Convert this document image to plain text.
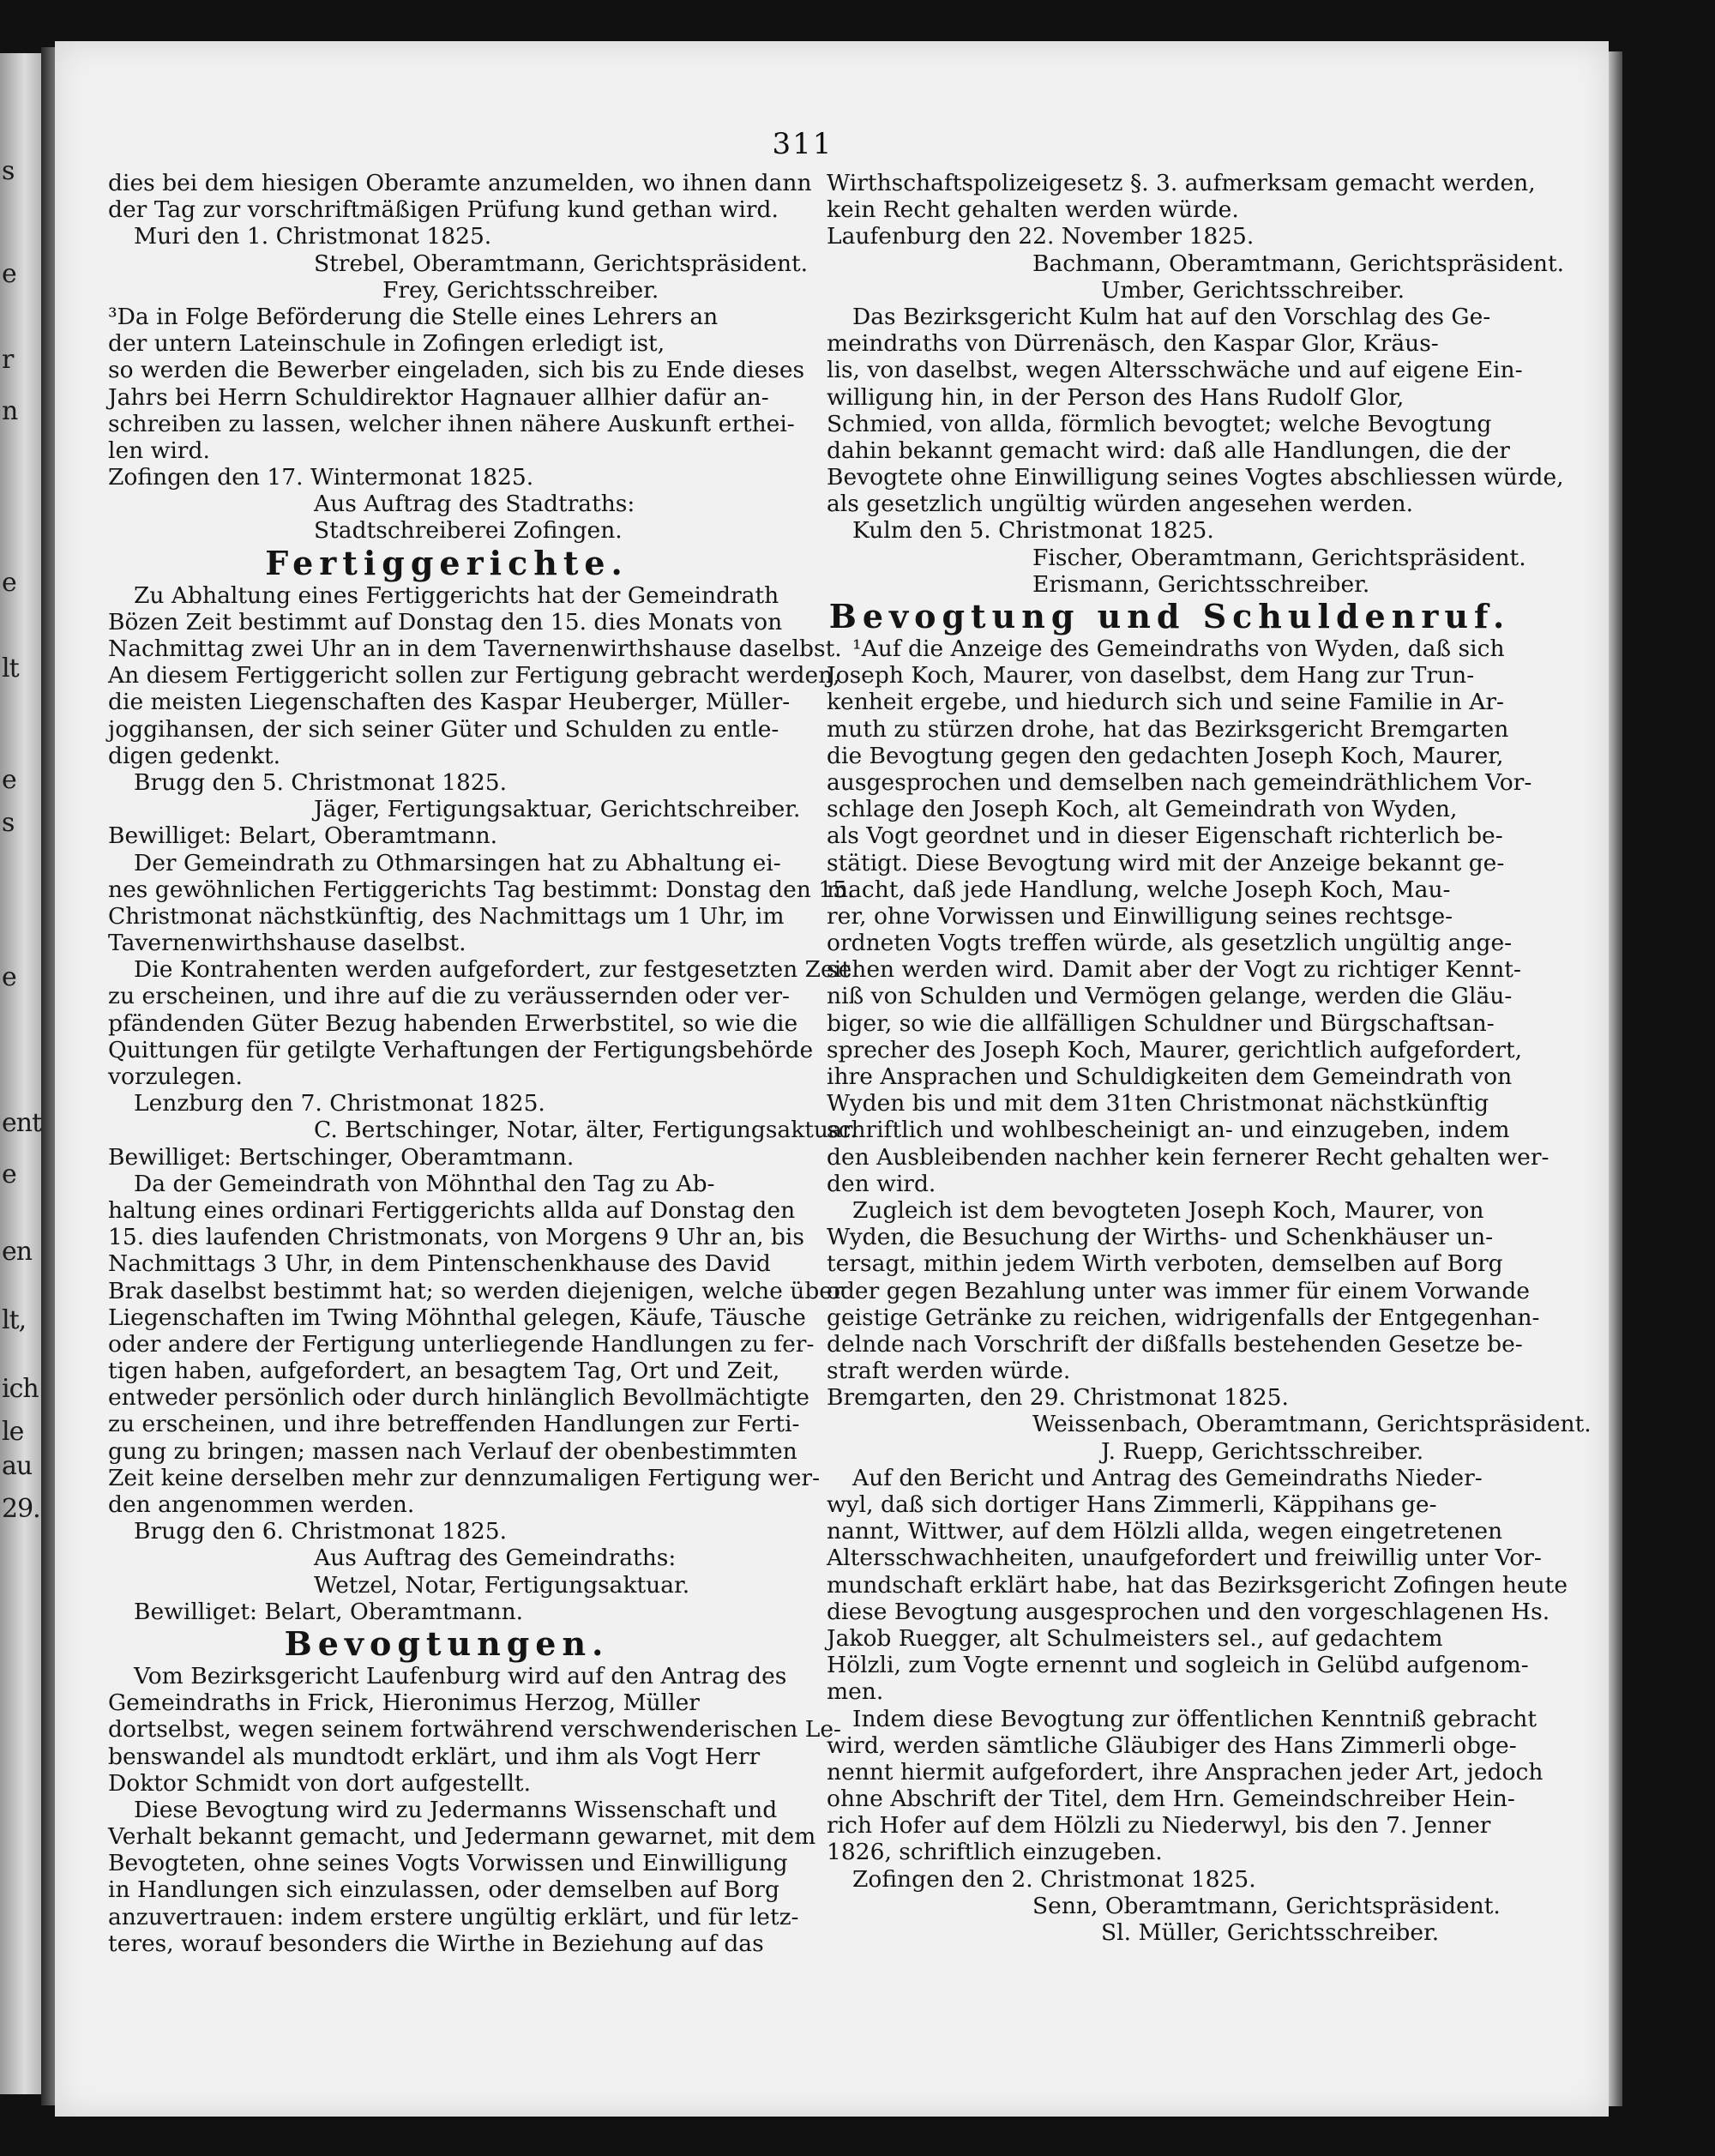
s
e
r
n
e
lt
e
s
e
ent
e
en
lt,
ich
le
au
29.
311
dies bei dem hiesigen Oberamte anzumelden, wo ihnen dann
der Tag zur vorschriftmäßigen Prüfung kund gethan wird.
Muri den 1. Christmonat 1825.
Strebel, Oberamtmann, Gerichtspräsident.
Frey, Gerichtsschreiber.
³Da in Folge Beförderung die Stelle eines Lehrers an
der untern Lateinschule in Zofingen erledigt ist,
so werden die Bewerber eingeladen, sich bis zu Ende dieses
Jahrs bei Herrn Schuldirektor Hagnauer allhier dafür an-
schreiben zu lassen, welcher ihnen nähere Auskunft erthei-
len wird.
Zofingen den 17. Wintermonat 1825.
Aus Auftrag des Stadtraths:
Stadtschreiberei Zofingen.
Fertiggerichte.
Zu Abhaltung eines Fertiggerichts hat der Gemeindrath
Bözen Zeit bestimmt auf Donstag den 15. dies Monats von
Nachmittag zwei Uhr an in dem Tavernenwirthshause daselbst.
An diesem Fertiggericht sollen zur Fertigung gebracht werden,
die meisten Liegenschaften des Kaspar Heuberger, Müller-
joggihansen, der sich seiner Güter und Schulden zu entle-
digen gedenkt.
Brugg den 5. Christmonat 1825.
Jäger, Fertigungsaktuar, Gerichtschreiber.
Bewilliget: Belart, Oberamtmann.
Der Gemeindrath zu Othmarsingen hat zu Abhaltung ei-
nes gewöhnlichen Fertiggerichts Tag bestimmt: Donstag den 15.
Christmonat nächstkünftig, des Nachmittags um 1 Uhr, im
Tavernenwirthshause daselbst.
Die Kontrahenten werden aufgefordert, zur festgesetzten Zeit
zu erscheinen, und ihre auf die zu veräussernden oder ver-
pfändenden Güter Bezug habenden Erwerbstitel, so wie die
Quittungen für getilgte Verhaftungen der Fertigungsbehörde
vorzulegen.
Lenzburg den 7. Christmonat 1825.
C. Bertschinger, Notar, älter, Fertigungsaktuar.
Bewilliget: Bertschinger, Oberamtmann.
Da der Gemeindrath von Möhnthal den Tag zu Ab-
haltung eines ordinari Fertiggerichts allda auf Donstag den
15. dies laufenden Christmonats, von Morgens 9 Uhr an, bis
Nachmittags 3 Uhr, in dem Pintenschenkhause des David
Brak daselbst bestimmt hat; so werden diejenigen, welche über
Liegenschaften im Twing Möhnthal gelegen, Käufe, Täusche
oder andere der Fertigung unterliegende Handlungen zu fer-
tigen haben, aufgefordert, an besagtem Tag, Ort und Zeit,
entweder persönlich oder durch hinlänglich Bevollmächtigte
zu erscheinen, und ihre betreffenden Handlungen zur Ferti-
gung zu bringen; massen nach Verlauf der obenbestimmten
Zeit keine derselben mehr zur dennzumaligen Fertigung wer-
den angenommen werden.
Brugg den 6. Christmonat 1825.
Aus Auftrag des Gemeindraths:
Wetzel, Notar, Fertigungsaktuar.
Bewilliget: Belart, Oberamtmann.
Bevogtungen.
Vom Bezirksgericht Laufenburg wird auf den Antrag des
Gemeindraths in Frick, Hieronimus Herzog, Müller
dortselbst, wegen seinem fortwährend verschwenderischen Le-
benswandel als mundtodt erklärt, und ihm als Vogt Herr
Doktor Schmidt von dort aufgestellt.
Diese Bevogtung wird zu Jedermanns Wissenschaft und
Verhalt bekannt gemacht, und Jedermann gewarnet, mit dem
Bevogteten, ohne seines Vogts Vorwissen und Einwilligung
in Handlungen sich einzulassen, oder demselben auf Borg
anzuvertrauen: indem erstere ungültig erklärt, und für letz-
teres, worauf besonders die Wirthe in Beziehung auf das
Wirthschaftspolizeigesetz §. 3. aufmerksam gemacht werden,
kein Recht gehalten werden würde.
Laufenburg den 22. November 1825.
Bachmann, Oberamtmann, Gerichtspräsident.
Umber, Gerichtsschreiber.
Das Bezirksgericht Kulm hat auf den Vorschlag des Ge-
meindraths von Dürrenäsch, den Kaspar Glor, Kräus-
lis, von daselbst, wegen Altersschwäche und auf eigene Ein-
willigung hin, in der Person des Hans Rudolf Glor,
Schmied, von allda, förmlich bevogtet; welche Bevogtung
dahin bekannt gemacht wird: daß alle Handlungen, die der
Bevogtete ohne Einwilligung seines Vogtes abschliessen würde,
als gesetzlich ungültig würden angesehen werden.
Kulm den 5. Christmonat 1825.
Fischer, Oberamtmann, Gerichtspräsident.
Erismann, Gerichtsschreiber.
Bevogtung und Schuldenruf.
¹Auf die Anzeige des Gemeindraths von Wyden, daß sich
Joseph Koch, Maurer, von daselbst, dem Hang zur Trun-
kenheit ergebe, und hiedurch sich und seine Familie in Ar-
muth zu stürzen drohe, hat das Bezirksgericht Bremgarten
die Bevogtung gegen den gedachten Joseph Koch, Maurer,
ausgesprochen und demselben nach gemeindräthlichem Vor-
schlage den Joseph Koch, alt Gemeindrath von Wyden,
als Vogt geordnet und in dieser Eigenschaft richterlich be-
stätigt. Diese Bevogtung wird mit der Anzeige bekannt ge-
macht, daß jede Handlung, welche Joseph Koch, Mau-
rer, ohne Vorwissen und Einwilligung seines rechtsge-
ordneten Vogts treffen würde, als gesetzlich ungültig ange-
sehen werden wird. Damit aber der Vogt zu richtiger Kennt-
niß von Schulden und Vermögen gelange, werden die Gläu-
biger, so wie die allfälligen Schuldner und Bürgschaftsan-
sprecher des Joseph Koch, Maurer, gerichtlich aufgefordert,
ihre Ansprachen und Schuldigkeiten dem Gemeindrath von
Wyden bis und mit dem 31ten Christmonat nächstkünftig
schriftlich und wohlbescheinigt an- und einzugeben, indem
den Ausbleibenden nachher kein fernerer Recht gehalten wer-
den wird.
Zugleich ist dem bevogteten Joseph Koch, Maurer, von
Wyden, die Besuchung der Wirths- und Schenkhäuser un-
tersagt, mithin jedem Wirth verboten, demselben auf Borg
oder gegen Bezahlung unter was immer für einem Vorwande
geistige Getränke zu reichen, widrigenfalls der Entgegenhan-
delnde nach Vorschrift der dißfalls bestehenden Gesetze be-
straft werden würde.
Bremgarten, den 29. Christmonat 1825.
Weissenbach, Oberamtmann, Gerichtspräsident.
J. Ruepp, Gerichtsschreiber.
Auf den Bericht und Antrag des Gemeindraths Nieder-
wyl, daß sich dortiger Hans Zimmerli, Käppihans ge-
nannt, Wittwer, auf dem Hölzli allda, wegen eingetretenen
Altersschwachheiten, unaufgefordert und freiwillig unter Vor-
mundschaft erklärt habe, hat das Bezirksgericht Zofingen heute
diese Bevogtung ausgesprochen und den vorgeschlagenen Hs.
Jakob Ruegger, alt Schulmeisters sel., auf gedachtem
Hölzli, zum Vogte ernennt und sogleich in Gelübd aufgenom-
men.
Indem diese Bevogtung zur öffentlichen Kenntniß gebracht
wird, werden sämtliche Gläubiger des Hans Zimmerli obge-
nennt hiermit aufgefordert, ihre Ansprachen jeder Art, jedoch
ohne Abschrift der Titel, dem Hrn. Gemeindschreiber Hein-
rich Hofer auf dem Hölzli zu Niederwyl, bis den 7. Jenner
1826, schriftlich einzugeben.
Zofingen den 2. Christmonat 1825.
Senn, Oberamtmann, Gerichtspräsident.
Sl. Müller, Gerichtsschreiber.
